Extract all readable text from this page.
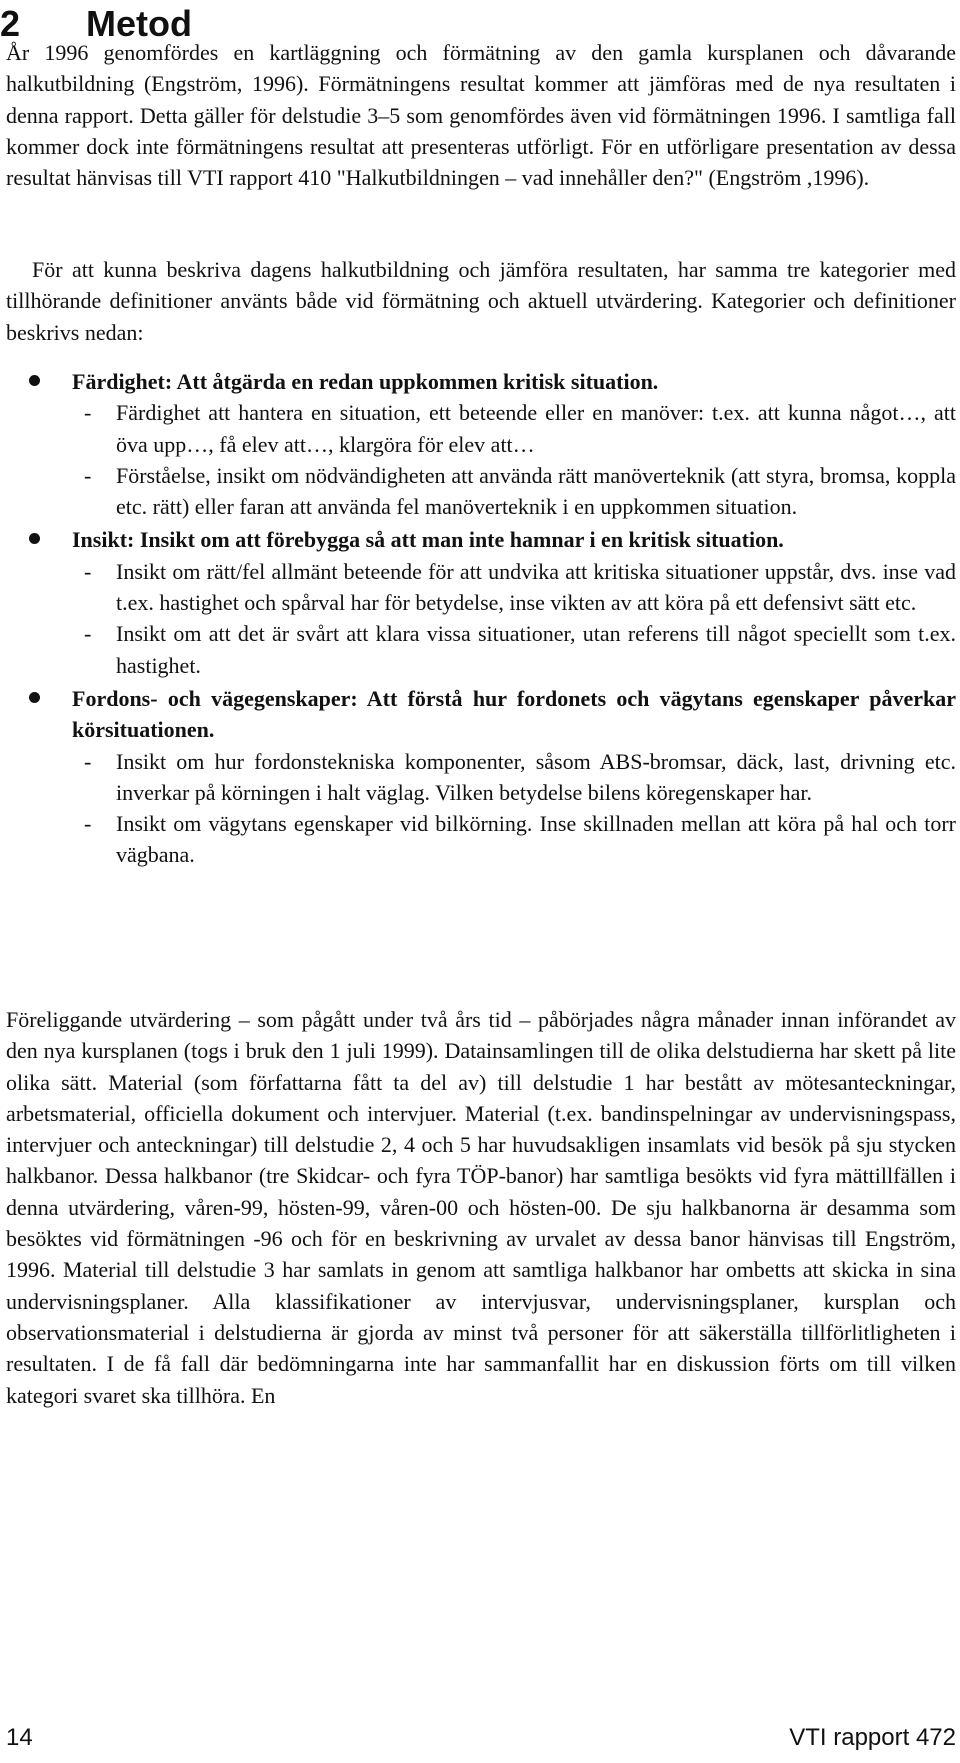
2 Metod

År 1996 genomfördes en kartläggning och förmätning av den gamla kursplanen och dåvarande halkutbildning (Engström, 1996). Förmätningens resultat kommer att jämföras med de nya resultaten i denna rapport. Detta gäller för delstudie 3–5 som genomfördes även vid förmätningen 1996. I samtliga fall kommer dock inte förmätningens resultat att presenteras utförligt. För en utförligare presentation av dessa resultat hänvisas till VTI rapport 410 "Halkutbildningen – vad innehåller den?" (Engström ,1996).

För att kunna beskriva dagens halkutbildning och jämföra resultaten, har samma tre kategorier med tillhörande definitioner använts både vid förmätning och aktuell utvärdering. Kategorier och definitioner beskrivs nedan:

Färdighet: Att åtgärda en redan uppkommen kritisk situation.
- Färdighet att hantera en situation, ett beteende eller en manöver: t.ex. att kunna något…, att öva upp…, få elev att…, klargöra för elev att…
- Förståelse, insikt om nödvändigheten att använda rätt manöverteknik (att styra, bromsa, koppla etc. rätt) eller faran att använda fel manöverteknik i en uppkommen situation.
Insikt: Insikt om att förebygga så att man inte hamnar i en kritisk situation.
- Insikt om rätt/fel allmänt beteende för att undvika att kritiska situationer uppstår, dvs. inse vad t.ex. hastighet och spårval har för betydelse, inse vikten av att köra på ett defensivt sätt etc.
- Insikt om att det är svårt att klara vissa situationer, utan referens till något speciellt som t.ex. hastighet.
Fordons- och vägegenskaper: Att förstå hur fordonets och vägytans egenskaper påverkar körsituationen.
- Insikt om hur fordonstekniska komponenter, såsom ABS-bromsar, däck, last, drivning etc. inverkar på körningen i halt väglag. Vilken betydelse bilens köregenskaper har.
- Insikt om vägytans egenskaper vid bilkörning. Inse skillnaden mellan att köra på hal och torr vägbana.

Föreliggande utvärdering – som pågått under två års tid – påbörjades några månader innan införandet av den nya kursplanen (togs i bruk den 1 juli 1999). Datainsamlingen till de olika delstudierna har skett på lite olika sätt. Material (som författarna fått ta del av) till delstudie 1 har bestått av mötesanteckningar, arbetsmaterial, officiella dokument och intervjuer. Material (t.ex. bandinspelningar av undervisningspass, intervjuer och anteckningar) till delstudie 2, 4 och 5 har huvudsakligen insamlats vid besök på sju stycken halkbanor. Dessa halkbanor (tre Skidcar- och fyra TÖP-banor) har samtliga besökts vid fyra mättillfällen i denna utvärdering, våren-99, hösten-99, våren-00 och hösten-00. De sju halkbanorna är desamma som besöktes vid förmätningen -96 och för en beskrivning av urvalet av dessa banor hänvisas till Engström, 1996. Material till delstudie 3 har samlats in genom att samtliga halkbanor har ombetts att skicka in sina undervisningsplaner. Alla klassifikationer av intervjusvar, undervisningsplaner, kursplan och observationsmaterial i delstudierna är gjorda av minst två personer för att säkerställa tillförlitligheten i resultaten. I de få fall där bedömningarna inte har sammanfallit har en diskussion förts om till vilken kategori svaret ska tillhöra. En

14	VTI rapport 472
